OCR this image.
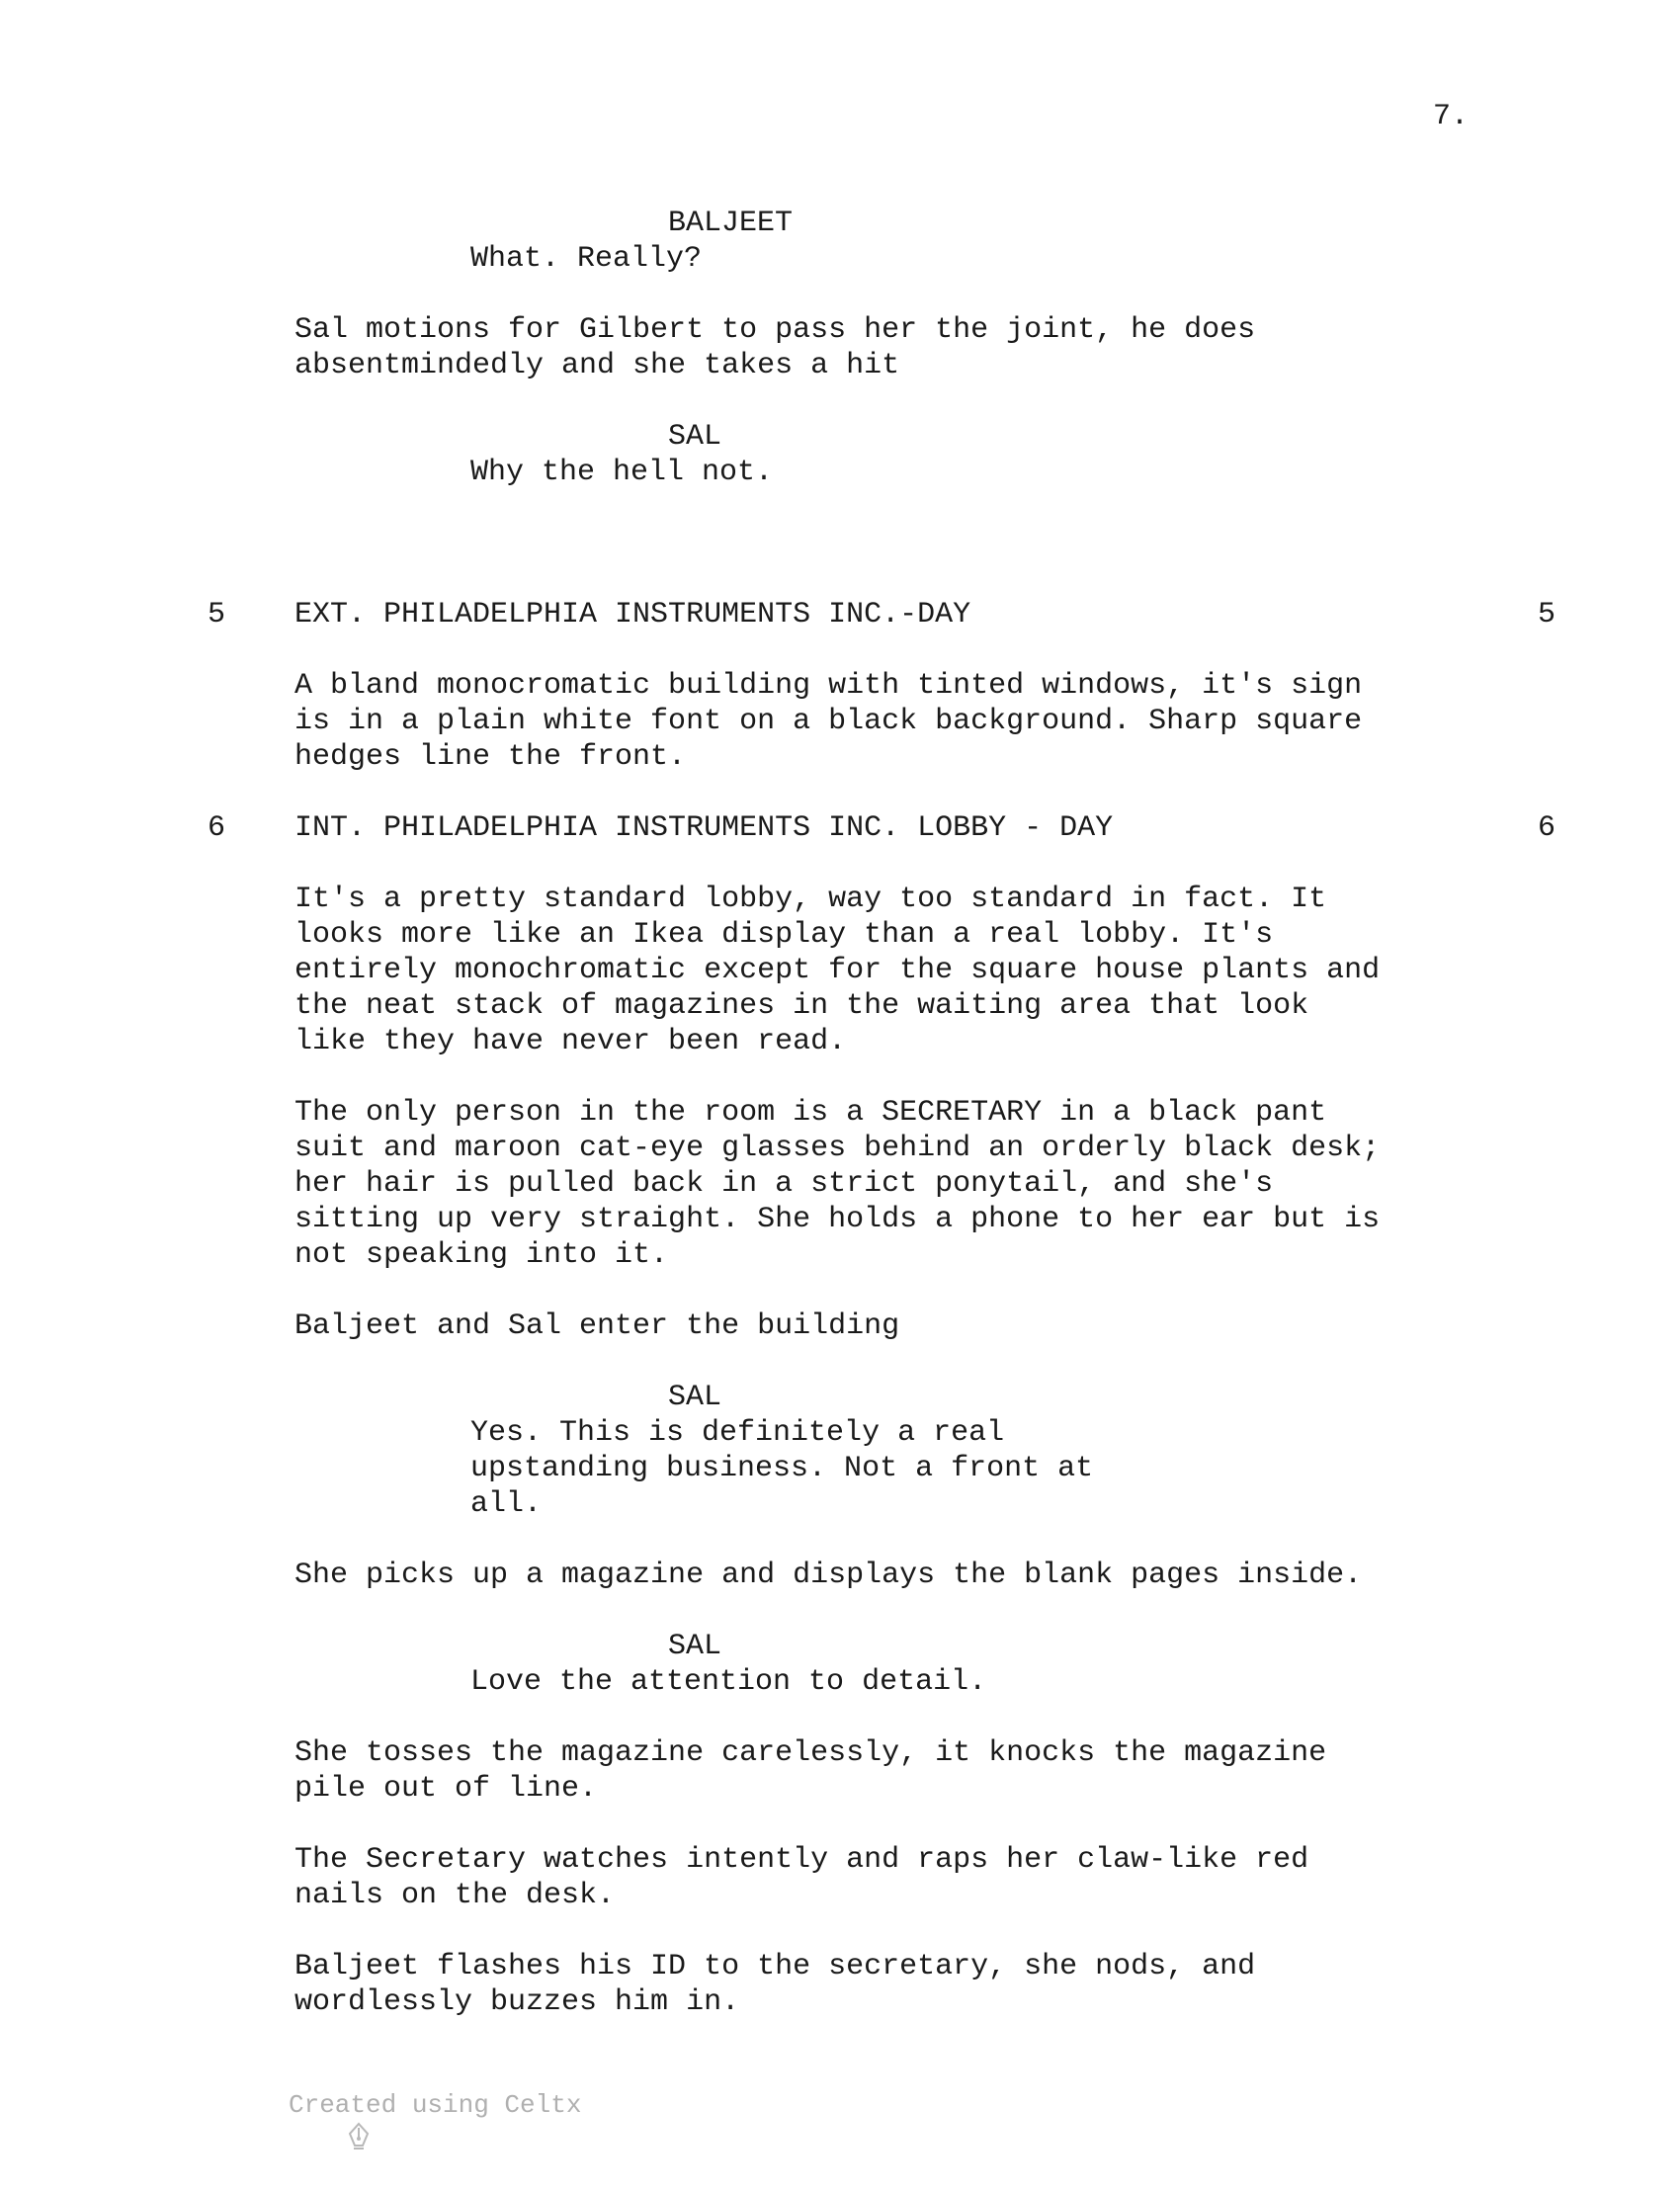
7.

BALJEET

What. Really?

Sal motions for Gilbert to pass her the joint, he does

absentmindedly and she takes a hit

SAL

Why the hell not.

5 EXT. PHILADELPHIA INSTRUMENTS INC.-DAY	5

A bland monocromatic building with tinted windows, it's sign

is in a plain white font on a black background. Sharp square

hedges line the front.

6 INT. PHILADELPHIA INSTRUMENTS INC. LOBBY - DAY	6

It's a pretty standard lobby, way too standard in fact. It

looks more like an Ikea display than a real lobby. It's

entirely monochromatic except for the square house plants and

the neat stack of magazines in the waiting area that look

like they have never been read.

The only person in the room is a SECRETARY in a black pant

suit and maroon cat-eye glasses behind an orderly black desk;

her hair is pulled back in a strict ponytail, and she's

sitting up very straight. She holds a phone to her ear but is

not speaking into it.

Baljeet and Sal enter the building

SAL

Yes. This is definitely a real

upstanding business. Not a front at

all.

She picks up a magazine and displays the blank pages inside.

SAL

Love the attention to detail.

She tosses the magazine carelessly, it knocks the magazine

pile out of line.

The Secretary watches intently and raps her claw-like red

nails on the desk.

Baljeet flashes his ID to the secretary, she nods, and

wordlessly buzzes him in.

Created using Celtx
